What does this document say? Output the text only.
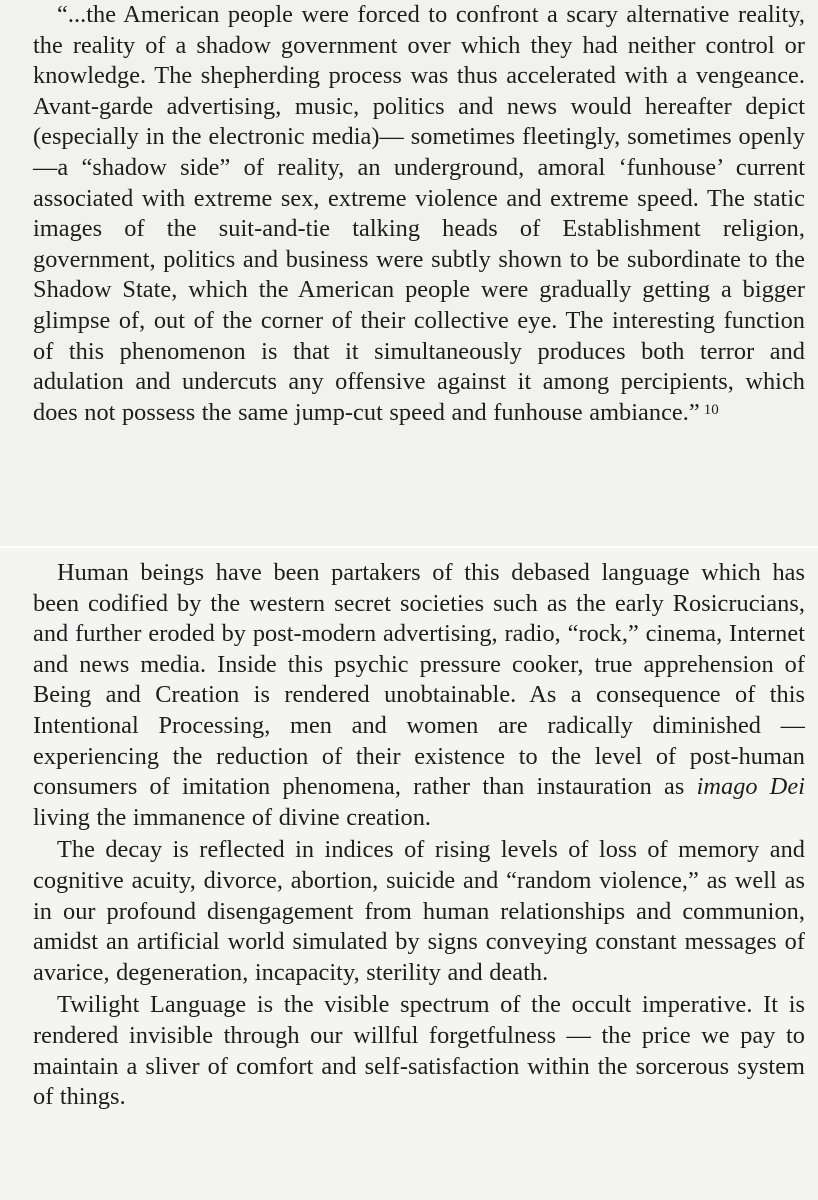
“...the American people were forced to confront a scary alternative reality, the reality of a shadow government over which they had neither control or knowledge. The shepherding process was thus accelerated with a vengeance. Avant-garde advertising, music, politics and news would hereafter depict (especially in the electronic media)— sometimes fleetingly, sometimes openly—a “shadow side” of reality, an underground, amoral ‘funhouse’ current associated with extreme sex, extreme violence and extreme speed. The static images of the suit-and-tie talking heads of Establishment religion, government, politics and business were subtly shown to be subordinate to the Shadow State, which the American people were gradually getting a bigger glimpse of, out of the corner of their collective eye. The interesting function of this phenomenon is that it simultaneously produces both terror and adulation and undercuts any offensive against it among percipients, which does not possess the same jump-cut speed and funhouse ambiance.” $^{10}$

Human beings have been partakers of this debased language which has been codified by the western secret societies such as the early Rosicrucians, and further eroded by post-modern advertising, radio, “rock,” cinema, Internet and news media. Inside this psychic pressure cooker, true apprehension of Being and Creation is rendered unobtainable. As a consequence of this Intentional Processing, men and women are radically diminished — experiencing the reduction of their existence to the level of post-human consumers of imitation phenomena, rather than instauration as imago Dei living the immanence of divine creation.

The decay is reflected in indices of rising levels of loss of memory and cognitive acuity, divorce, abortion, suicide and “random violence,” as well as in our profound disengagement from human relationships and communion, amidst an artificial world simulated by signs conveying constant messages of avarice, degeneration, incapacity, sterility and death.

Twilight Language is the visible spectrum of the occult imperative. It is rendered invisible through our willful forgetfulness — the price we pay to maintain a sliver of comfort and self-satisfaction within the sorcerous system of things.
